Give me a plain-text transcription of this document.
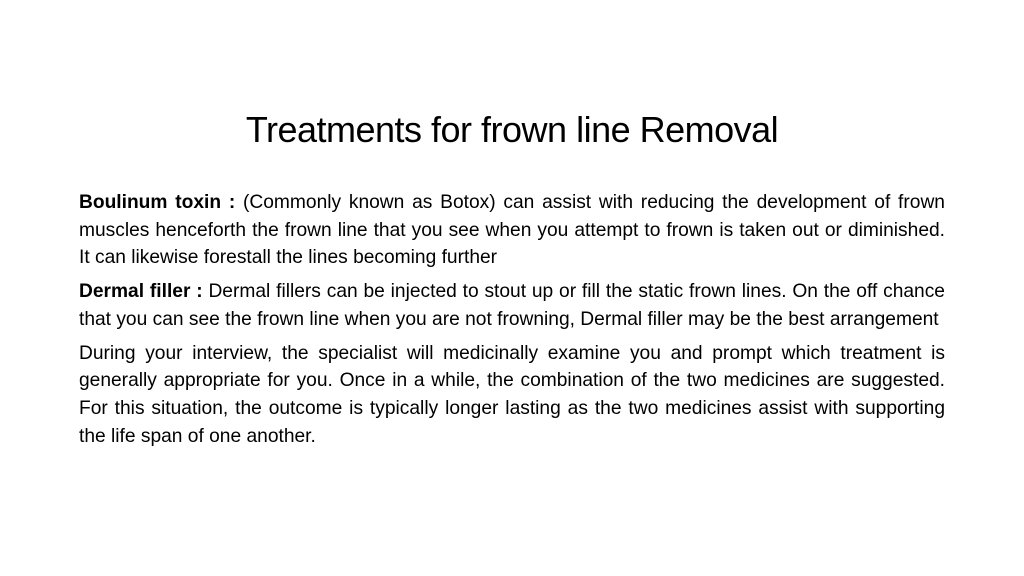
Treatments for frown line Removal

Boulinum toxin : (Commonly known as Botox) can assist with reducing the development of frown muscles henceforth the frown line that you see when you attempt to frown is taken out or diminished. It can likewise forestall the lines becoming further

Dermal filler : Dermal fillers can be injected to stout up or fill the static frown lines. On the off chance that you can see the frown line when you are not frowning, Dermal filler may be the best arrangement

During your interview, the specialist will medicinally examine you and prompt which treatment is generally appropriate for you. Once in a while, the combination of the two medicines are suggested. For this situation, the outcome is typically longer lasting as the two medicines assist with supporting the life span of one another.
